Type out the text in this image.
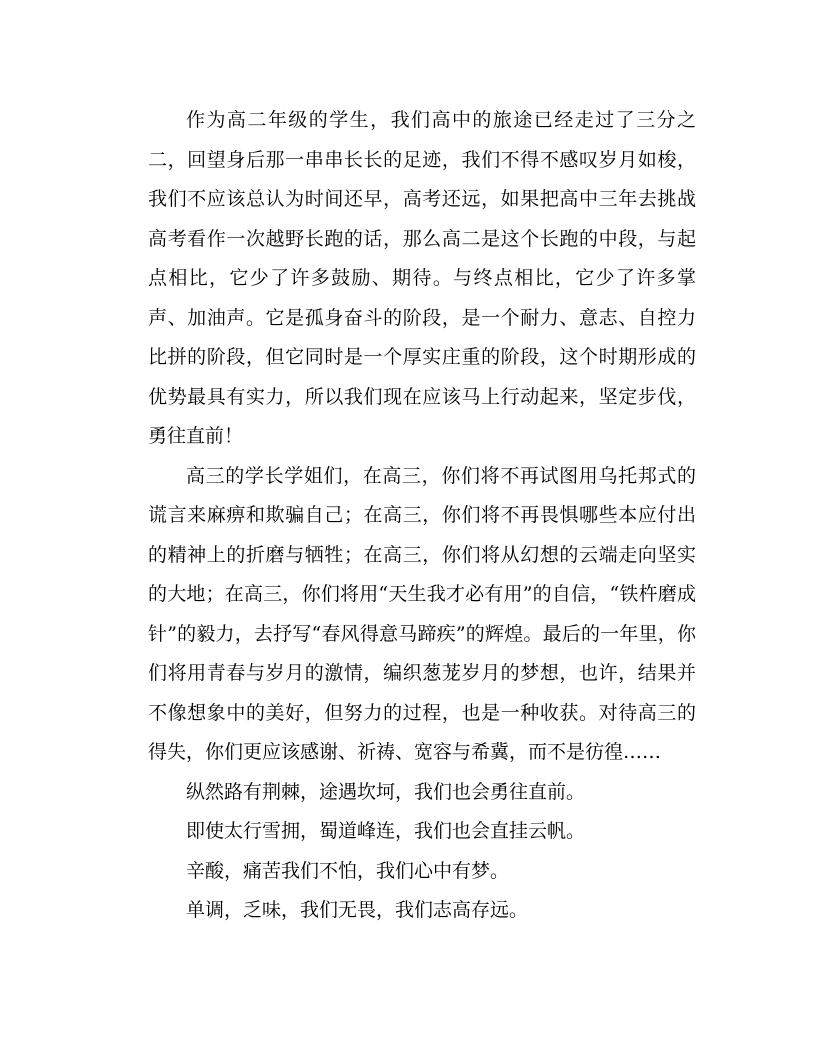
作为高二年级的学生，我们高中的旅途已经走过了三分之二，回望身后那一串串长长的足迹，我们不得不感叹岁月如梭，我们不应该总认为时间还早，高考还远，如果把高中三年去挑战高考看作一次越野长跑的话，那么高二是这个长跑的中段，与起点相比，它少了许多鼓励、期待。与终点相比，它少了许多掌声、加油声。它是孤身奋斗的阶段，是一个耐力、意志、自控力比拼的阶段，但它同时是一个厚实庄重的阶段，这个时期形成的优势最具有实力，所以我们现在应该马上行动起来，坚定步伐，勇往直前！

高三的学长学姐们，在高三，你们将不再试图用乌托邦式的谎言来麻痹和欺骗自己；在高三，你们将不再畏惧哪些本应付出的精神上的折磨与牺牲；在高三，你们将从幻想的云端走向坚实的大地；在高三，你们将用“天生我才必有用”的自信，“铁杵磨成针”的毅力，去抒写“春风得意马蹄疾”的辉煌。最后的一年里，你们将用青春与岁月的激情，编织葱茏岁月的梦想，也许，结果并不像想象中的美好，但努力的过程，也是一种收获。对待高三的得失，你们更应该感谢、祈祷、宽容与希冀，而不是彷徨……

纵然路有荆棘，途遇坎坷，我们也会勇往直前。

即使太行雪拥，蜀道峰连，我们也会直挂云帆。

辛酸，痛苦我们不怕，我们心中有梦。

单调，乏味，我们无畏，我们志高存远。
